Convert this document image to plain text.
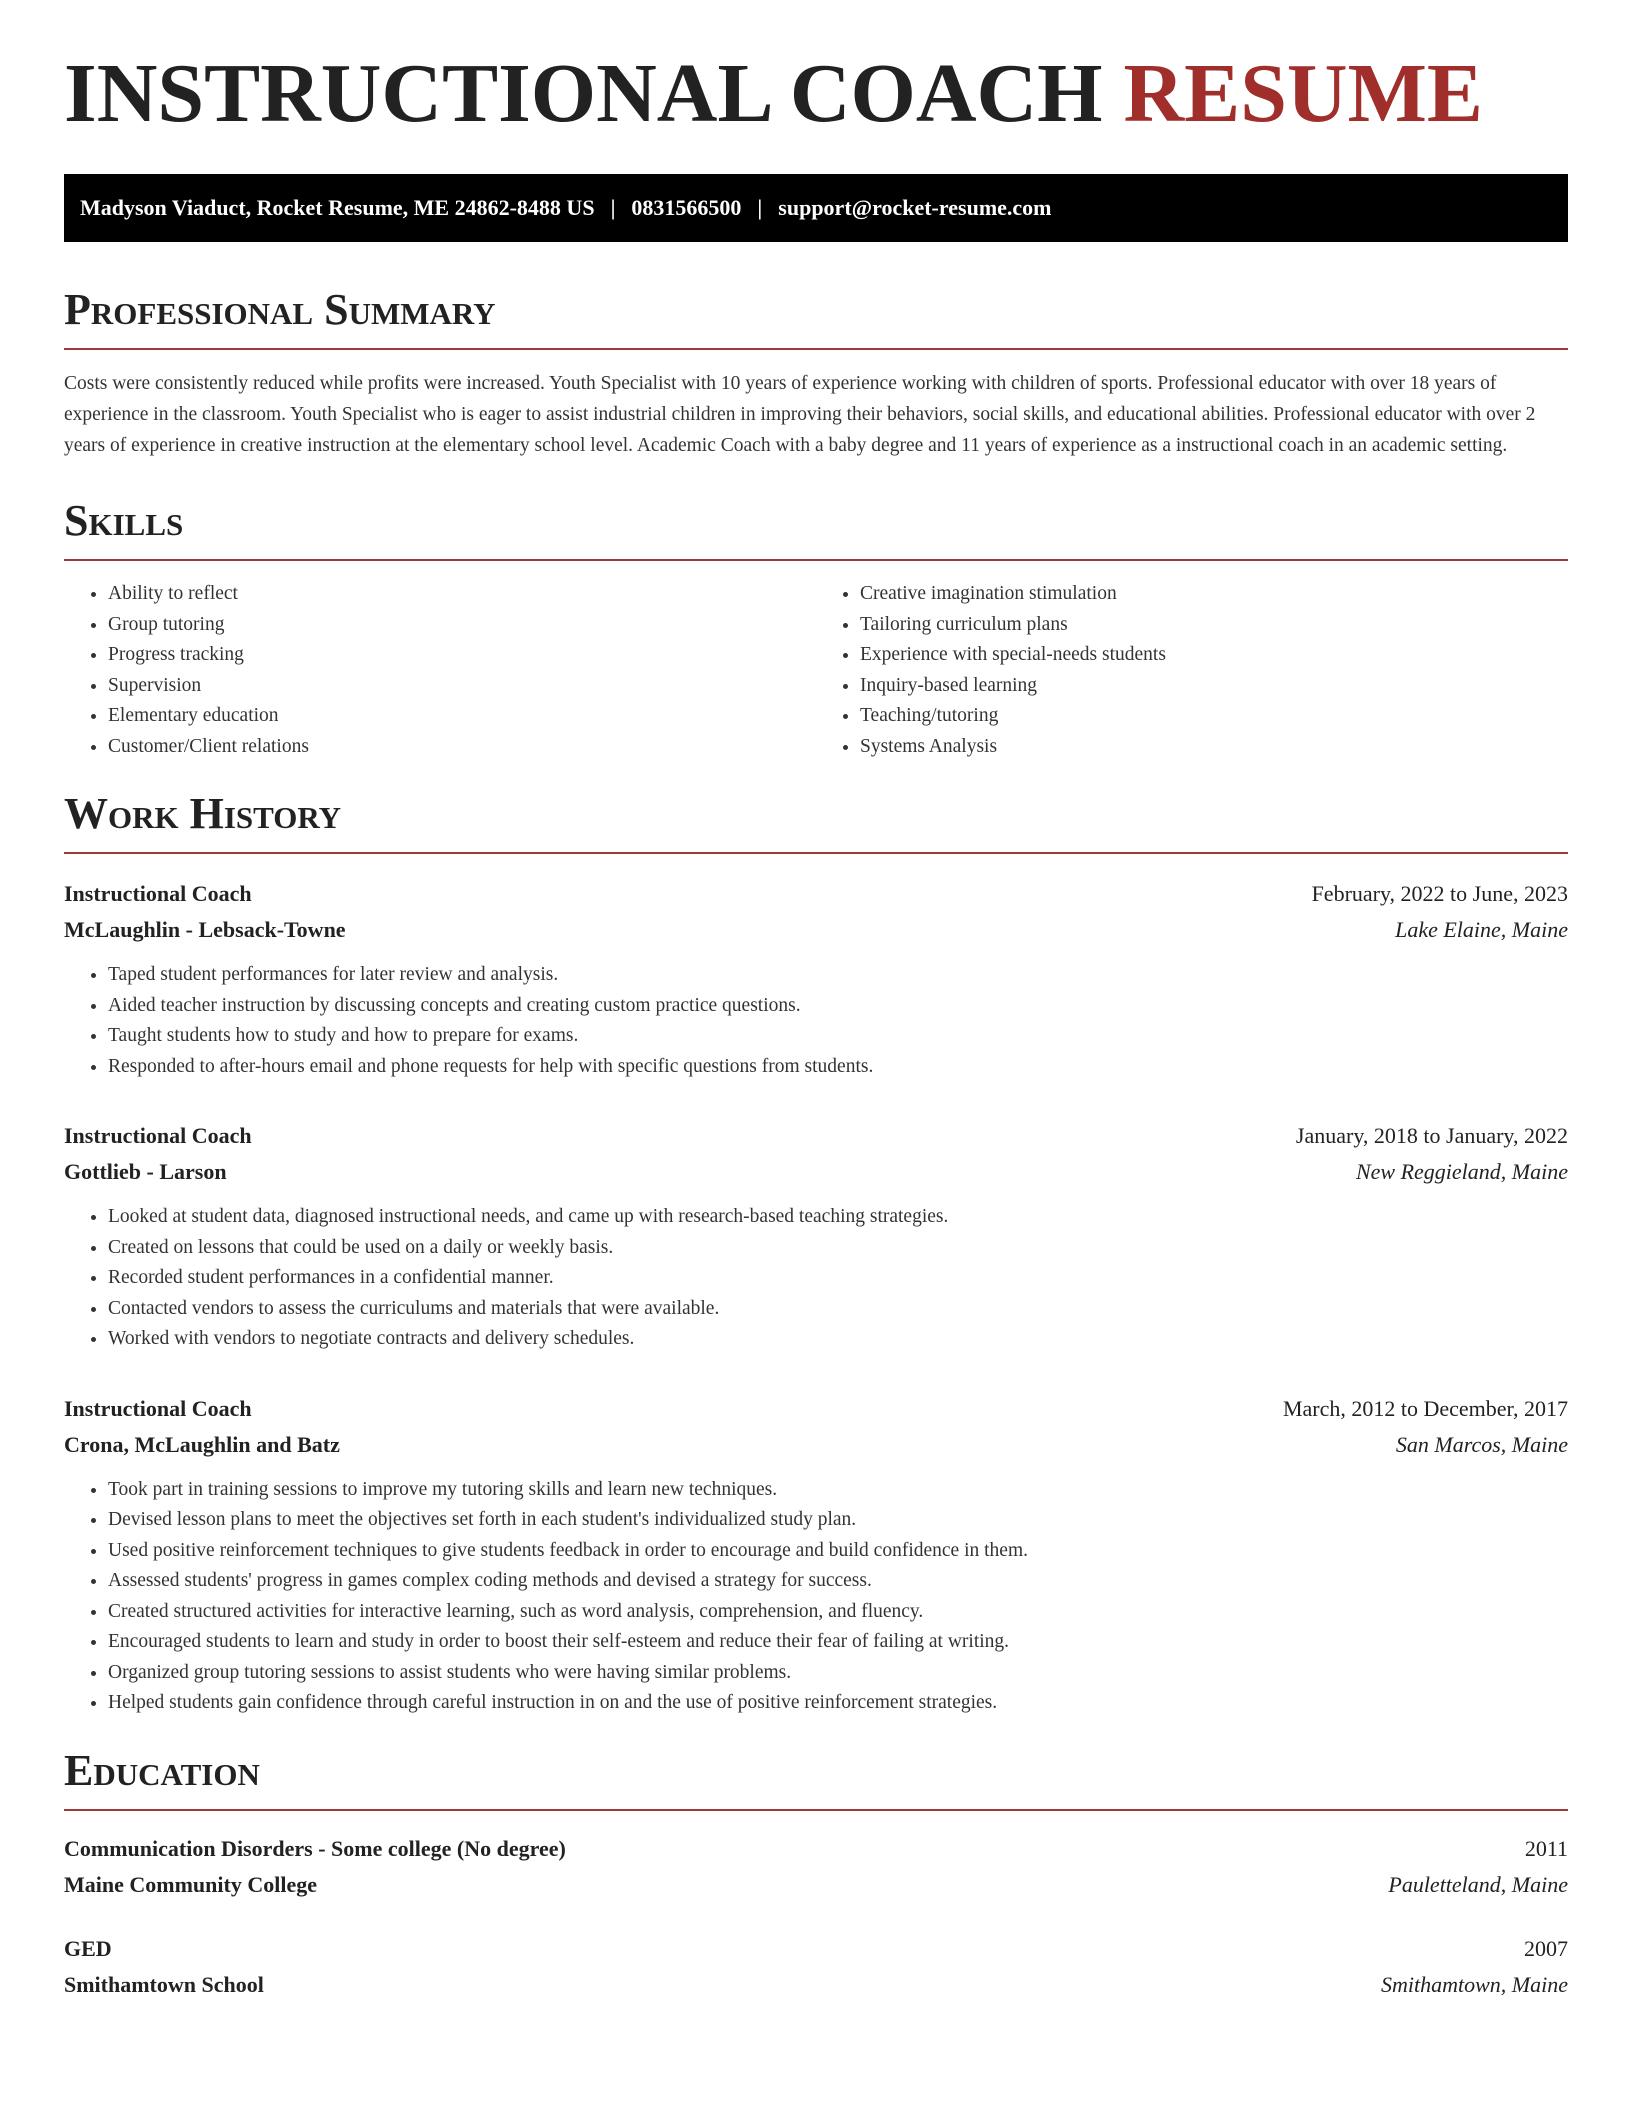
INSTRUCTIONAL COACH RESUME
Madyson Viaduct, Rocket Resume, ME 24862-8488 US | 0831566500 | support@rocket-resume.com
Professional Summary

Costs were consistently reduced while profits were increased. Youth Specialist with 10 years of experience working with children of sports. Professional educator with over 18 years of experience in the classroom. Youth Specialist who is eager to assist industrial children in improving their behaviors, social skills, and educational abilities. Professional educator with over 2 years of experience in creative instruction at the elementary school level. Academic Coach with a baby degree and 11 years of experience as a instructional coach in an academic setting.

Skills
• Ability to reflect
• Group tutoring
• Progress tracking
• Supervision
• Elementary education
• Customer/Client relations
• Creative imagination stimulation
• Tailoring curriculum plans
• Experience with special-needs students
• Inquiry-based learning
• Teaching/tutoring
• Systems Analysis
Work History
Instructional Coach	February, 2022 to June, 2023
McLaughlin - Lebsack-Towne	Lake Elaine, Maine
• Taped student performances for later review and analysis.
• Aided teacher instruction by discussing concepts and creating custom practice questions.
• Taught students how to study and how to prepare for exams.
• Responded to after-hours email and phone requests for help with specific questions from students.
Instructional Coach	January, 2018 to January, 2022
Gottlieb - Larson	New Reggieland, Maine
• Looked at student data, diagnosed instructional needs, and came up with research-based teaching strategies.
• Created on lessons that could be used on a daily or weekly basis.
• Recorded student performances in a confidential manner.
• Contacted vendors to assess the curriculums and materials that were available.
• Worked with vendors to negotiate contracts and delivery schedules.
Instructional Coach	March, 2012 to December, 2017
Crona, McLaughlin and Batz	San Marcos, Maine
• Took part in training sessions to improve my tutoring skills and learn new techniques.
• Devised lesson plans to meet the objectives set forth in each student's individualized study plan.
• Used positive reinforcement techniques to give students feedback in order to encourage and build confidence in them.
• Assessed students' progress in games complex coding methods and devised a strategy for success.
• Created structured activities for interactive learning, such as word analysis, comprehension, and fluency.
• Encouraged students to learn and study in order to boost their self-esteem and reduce their fear of failing at writing.
• Organized group tutoring sessions to assist students who were having similar problems.
• Helped students gain confidence through careful instruction in on and the use of positive reinforcement strategies.
Education
Communication Disorders - Some college (No degree)	2011
Maine Community College	Pauletteland, Maine
GED	2007
Smithamtown School	Smithamtown, Maine
